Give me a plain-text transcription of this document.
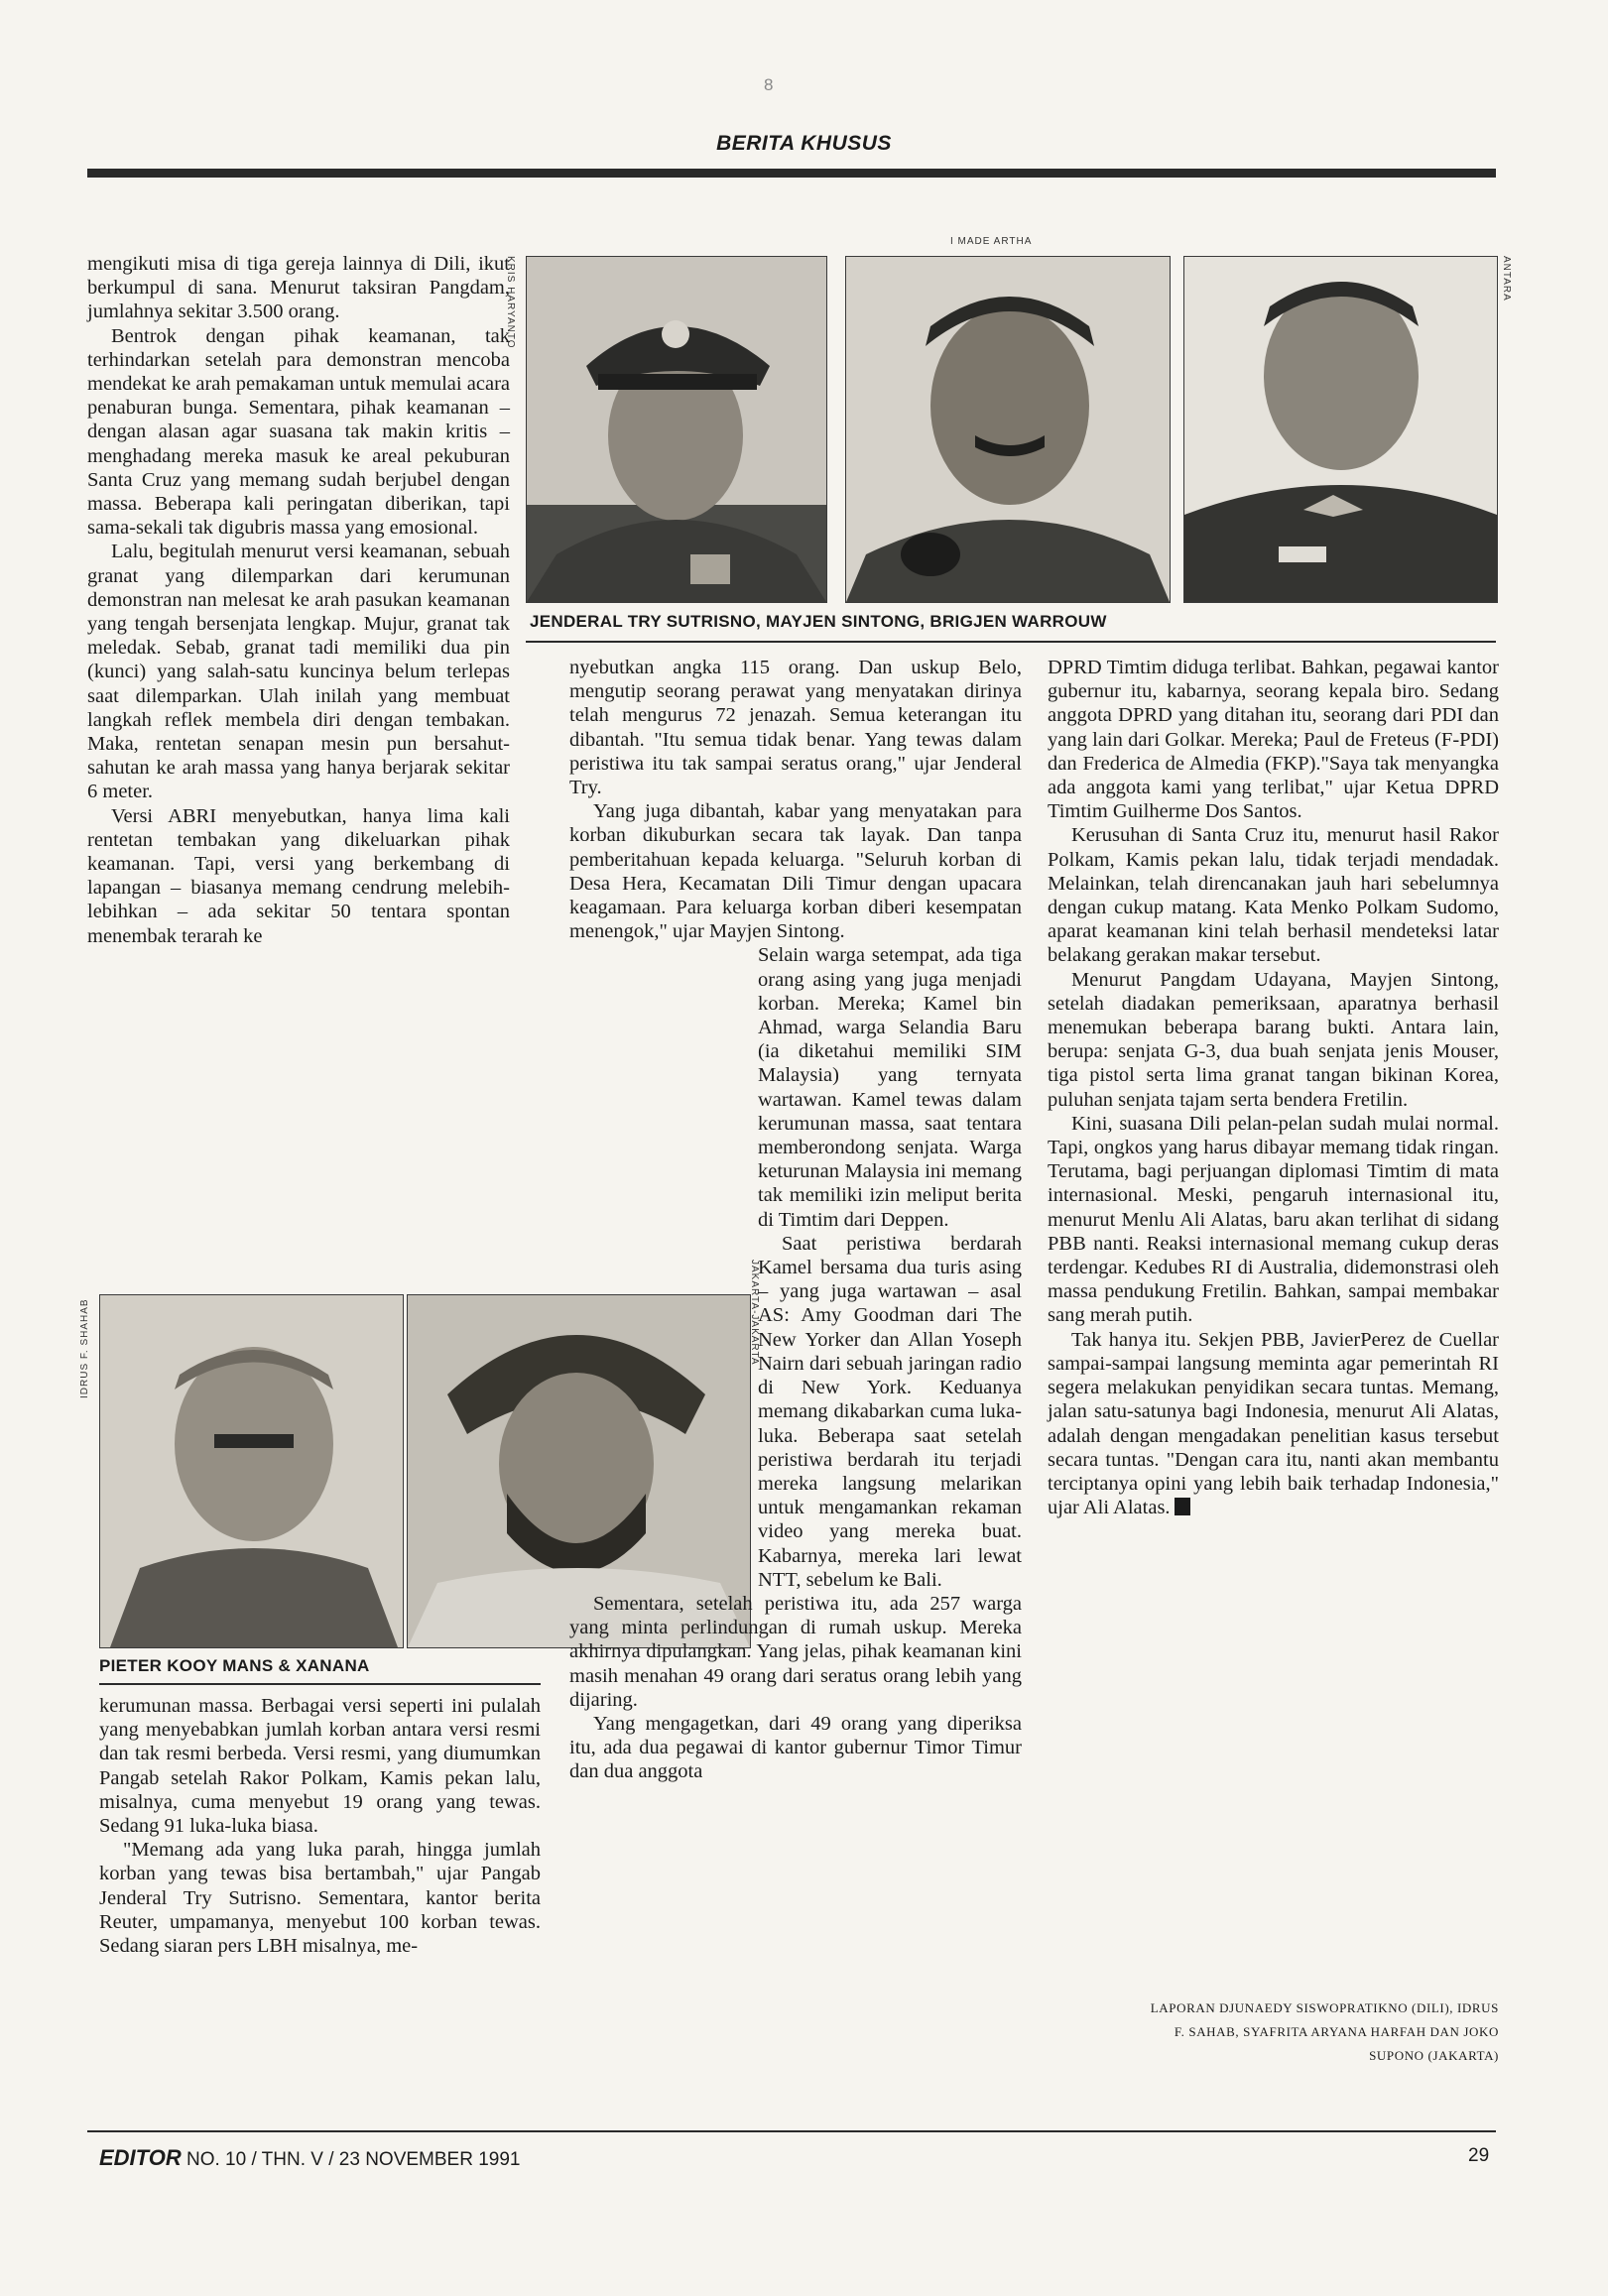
8
BERITA KHUSUS
KRIS HARYANTO
I MADE ARTHA
ANTARA
JENDERAL TRY SUTRISNO, MAYJEN SINTONG, BRIGJEN WARROUW

mengikuti misa di tiga gereja lainnya di Dili, ikut berkumpul di sana. Menurut taksiran Pangdam, jumlahnya sekitar 3.500 orang.

Bentrok dengan pihak keamanan, tak terhindarkan setelah para demonstran mencoba mendekat ke arah pemakaman untuk memulai acara penaburan bunga. Sementara, pihak keamanan – dengan alasan agar suasana tak makin kritis – menghadang mereka masuk ke areal pekuburan Santa Cruz yang memang sudah berjubel dengan massa. Beberapa kali peringatan diberikan, tapi sama-sekali tak digubris massa yang emosional.

Lalu, begitulah menurut versi keamanan, sebuah granat yang dilemparkan dari kerumunan demonstran nan melesat ke arah pasukan keamanan yang tengah bersenjata lengkap. Mujur, granat tak meledak. Sebab, granat tadi memiliki dua pin (kunci) yang salah-satu kuncinya belum terlepas saat dilemparkan. Ulah inilah yang membuat langkah reflek membela diri dengan tembakan. Maka, rentetan senapan mesin pun bersahut-sahutan ke arah massa yang hanya berjarak sekitar 6 meter.

Versi ABRI menyebutkan, hanya lima kali rentetan tembakan yang dikeluarkan pihak keamanan. Tapi, versi yang berkembang di lapangan – biasanya memang cendrung melebih-lebihkan – ada sekitar 50 tentara spontan menembak terarah ke

IDRUS F. SHAHAB	JAKARTA-JAKARTA
PIETER KOOY MANS & XANANA

kerumunan massa. Berbagai versi seperti ini pulalah yang menyebabkan jumlah korban antara versi resmi dan tak resmi berbeda. Versi resmi, yang diumumkan Pangab setelah Rakor Polkam, Kamis pekan lalu, misalnya, cuma menyebut 19 orang yang tewas. Sedang 91 luka-luka biasa.

"Memang ada yang luka parah, hingga jumlah korban yang tewas bisa bertambah," ujar Pangab Jenderal Try Sutrisno. Sementara, kantor berita Reuter, umpamanya, menyebut 100 korban tewas. Sedang siaran pers LBH misalnya, me-

nyebutkan angka 115 orang. Dan uskup Belo, mengutip seorang perawat yang menyatakan dirinya telah mengurus 72 jenazah. Semua keterangan itu dibantah. "Itu semua tidak benar. Yang tewas dalam peristiwa itu tak sampai seratus orang," ujar Jenderal Try.

Yang juga dibantah, kabar yang menyatakan para korban dikuburkan secara tak layak. Dan tanpa pemberitahuan kepada keluarga. "Seluruh korban di Desa Hera, Kecamatan Dili Timur dengan upacara keagamaan. Para keluarga korban diberi kesempatan menengok," ujar Mayjen Sintong.

Selain warga setempat, ada tiga orang asing yang juga menjadi korban. Mereka; Kamel bin Ahmad, warga Selandia Baru (ia diketahui memiliki SIM Malaysia) yang ternyata wartawan. Kamel tewas dalam kerumunan massa, saat tentara memberondong senjata. Warga keturunan Malaysia ini memang tak memiliki izin meliput berita di Timtim dari Deppen.

Saat peristiwa berdarah Kamel bersama dua turis asing – yang juga wartawan – asal AS: Amy Goodman dari The New Yorker dan Allan Yoseph Nairn dari sebuah jaringan radio di New York. Keduanya memang dikabarkan cuma luka-luka. Beberapa saat setelah peristiwa berdarah itu terjadi mereka langsung melarikan untuk mengamankan rekaman video yang mereka buat. Kabarnya, mereka lari lewat NTT, sebelum ke Bali.

Sementara, setelah peristiwa itu, ada 257 warga yang minta perlindungan di rumah uskup. Mereka akhirnya dipulangkan. Yang jelas, pihak keamanan kini masih menahan 49 orang dari seratus orang lebih yang dijaring.

Yang mengagetkan, dari 49 orang yang diperiksa itu, ada dua pegawai di kantor gubernur Timor Timur dan dua anggota

DPRD Timtim diduga terlibat. Bahkan, pegawai kantor gubernur itu, kabarnya, seorang kepala biro. Sedang anggota DPRD yang ditahan itu, seorang dari PDI dan yang lain dari Golkar. Mereka; Paul de Freteus (F-PDI) dan Frederica de Almedia (FKP)."Saya tak menyangka ada anggota kami yang terlibat," ujar Ketua DPRD Timtim Guilherme Dos Santos.

Kerusuhan di Santa Cruz itu, menurut hasil Rakor Polkam, Kamis pekan lalu, tidak terjadi mendadak. Melainkan, telah direncanakan jauh hari sebelumnya dengan cukup matang. Kata Menko Polkam Sudomo, aparat keamanan kini telah berhasil mendeteksi latar belakang gerakan makar tersebut.

Menurut Pangdam Udayana, Mayjen Sintong, setelah diadakan pemeriksaan, aparatnya berhasil menemukan beberapa barang bukti. Antara lain, berupa: senjata G-3, dua buah senjata jenis Mouser, tiga pistol serta lima granat tangan bikinan Korea, puluhan senjata tajam serta bendera Fretilin.

Kini, suasana Dili pelan-pelan sudah mulai normal. Tapi, ongkos yang harus dibayar memang tidak ringan. Terutama, bagi perjuangan diplomasi Timtim di mata internasional. Meski, pengaruh internasional itu, menurut Menlu Ali Alatas, baru akan terlihat di sidang PBB nanti. Reaksi internasional memang cukup deras terdengar. Kedubes RI di Australia, didemonstrasi oleh massa pendukung Fretilin. Bahkan, sampai membakar sang merah putih.

Tak hanya itu. Sekjen PBB, JavierPerez de Cuellar sampai-sampai langsung meminta agar pemerintah RI segera melakukan penyidikan secara tuntas. Memang, jalan satu-satunya bagi Indonesia, menurut Ali Alatas, adalah dengan mengadakan penelitian kasus tersebut secara tuntas. "Dengan cara itu, nanti akan membantu terciptanya opini yang lebih baik terhadap Indonesia," ujar Ali Alatas.

LAPORAN DJUNAEDY SISWOPRATIKNO (DILI), IDRUS
F. SAHAB, SYAFRITA ARYANA HARFAH DAN JOKO
SUPONO (JAKARTA)
EDITOR NO. 10 / THN. V / 23 NOVEMBER 1991	29
